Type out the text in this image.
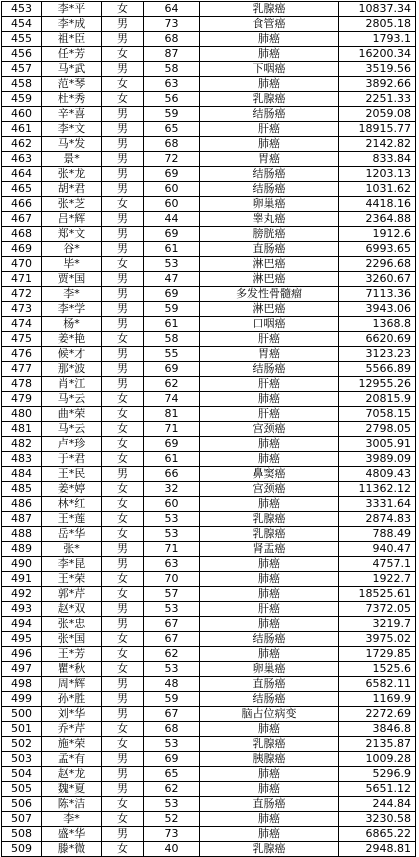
453	李*平	女	64	乳腺癌	10837.34
454	李*成	男	73	食管癌	2805.18
455	祖*臣	男	68	肺癌	1793.1
456	任*芳	女	87	肺癌	16200.34
457	马*武	男	58	下咽癌	3519.56
458	范*琴	女	63	肺癌	3892.66
459	杜*秀	女	56	乳腺癌	2251.33
460	辛*喜	男	59	结肠癌	2059.08
461	李*文	男	65	肝癌	18915.77
462	马*发	男	68	肺癌	2142.82
463	景*	男	72	胃癌	833.84
464	张*龙	男	69	结肠癌	1203.13
465	胡*君	男	60	结肠癌	1031.62
466	张*芝	女	60	卵巢癌	4418.16
467	吕*辉	男	44	睾丸癌	2364.88
468	郑*文	男	69	膀胱癌	1912.6
469	谷*	男	61	直肠癌	6993.65
470	毕*	女	53	淋巴癌	2296.68
471	贾*国	男	47	淋巴癌	3260.67
472	李*	男	69	多发性骨髓瘤	7113.36
473	李*学	男	59	淋巴癌	3943.06
474	杨*	男	61	口咽癌	1368.8
475	姜*艳	女	58	肝癌	6620.69
476	候*才	男	55	胃癌	3123.23
477	那*波	男	69	结肠癌	5566.89
478	肖*江	男	62	肝癌	12955.26
479	马*云	女	74	肺癌	20815.9
480	曲*荣	女	81	肝癌	7058.15
481	马*云	女	71	宫颈癌	2798.05
482	卢*珍	女	69	肺癌	3005.91
483	于*君	女	61	肺癌	3989.09
484	王*民	男	66	鼻窦癌	4809.43
485	姜*婷	女	32	宫颈癌	11362.12
486	林*红	女	60	肺癌	3331.64
487	王*莲	女	53	乳腺癌	2874.83
488	岳*华	女	53	乳腺癌	788.49
489	张*	男	71	肾盂癌	940.47
490	李*昆	男	63	肺癌	4757.1
491	王*荣	女	70	肺癌	1922.7
492	郭*芹	女	57	肺癌	18525.61
493	赵*双	男	53	肝癌	7372.05
494	张*忠	男	67	肺癌	3219.7
495	张*国	女	67	结肠癌	3975.02
496	王*芳	女	62	肺癌	1729.85
497	瞿*秋	女	53	卵巢癌	1525.6
498	周*辉	男	48	直肠癌	6582.11
499	孙*胜	男	59	结肠癌	1169.9
500	刘*华	男	67	脑占位病变	2272.69
501	乔*芹	女	68	肺癌	3846.8
502	施*荣	女	53	乳腺癌	2135.87
503	孟*有	男	69	胰腺癌	1009.28
504	赵*龙	男	65	肺癌	5296.9
505	魏*夏	男	62	肺癌	5651.12
506	陈*洁	女	53	直肠癌	244.84
507	李*	女	52	肺癌	3230.58
508	盛*华	男	73	肺癌	6865.22
509	滕*微	女	40	乳腺癌	2948.81
